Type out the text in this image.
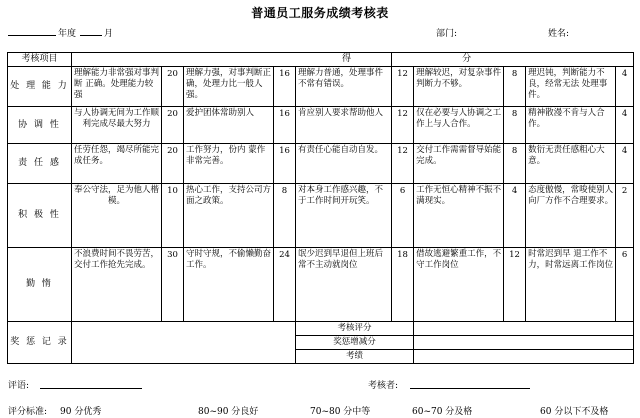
普通员工服务成绩考核表
年度	月	部门:	姓名:
考核项目	得					分				
处 理 能 力	理解能力非常强对事判断 正确。处理能力较强	20	理解力强，对事判断正确，处理力比一般人强。	16	理解力普通，处理事件不常有错误。	12	理解较迟，对复杂事件判断力不够。	8	理迟钝，判断能力不良，经常无法 处理事件。	4
协 调 性	与人协调无间为工作顺利完成尽最大努力	20	爱护团体常助别人	16	肯应别人要求帮助他人	12	仅在必要与人协调之工作上与人合作。	8	精神散漫不肯与人合作。	4
责 任 感	任劳任怨，竭尽所能完成任务。	20	工作努力，份内 蒙作非常完善。	16	有责任心能自动自发。	12	交付工作需需督导始能完成。	8	数衍无责任感粗心大意。	4
积 极 性	奉公守法，足为他人楷模。	10	热心工作，支持公司方面之政策。	8	对本身工作感兴趣，不于工作时间开玩笑。	6	工作无恒心精神不振不满现实。	4	态度傲慢，常唆使别人向厂方作不合理要求。	2
勤 惰	不浪费时间不畏劳苦，交付工作抢先完成。	30	守时守规，不偷懒勤奋工作。	24	氓少迟到早退但上班后常不主动就岗位	18	借故逃避繁重工作，不守工作岗位	12	时常迟到早 退工作不力，时常远离工作岗位	6
奖 惩 记 录					考核评分					
					奖惩增减分					
					考绩					
评语:	考核者:
评分标准: 90 分优秀	80~90 分良好	70~80 分中等	60~70 分及格	60 分以下不及格
